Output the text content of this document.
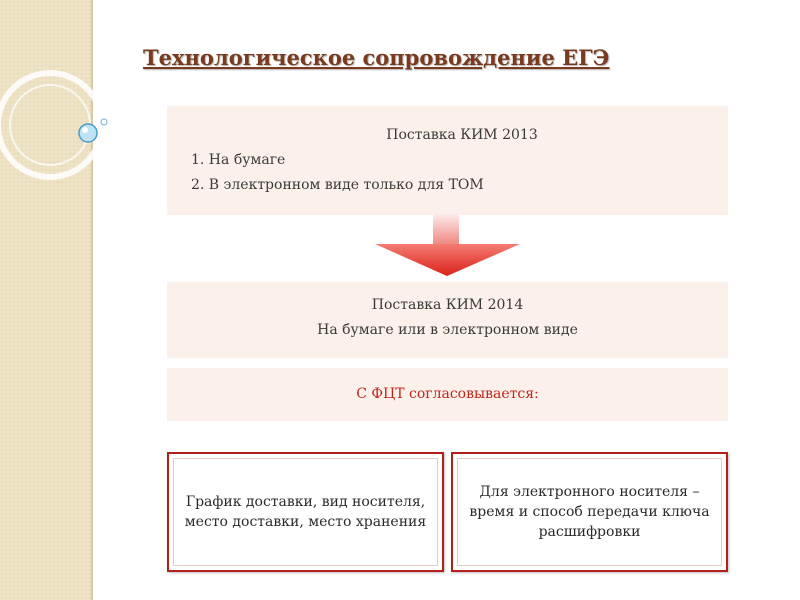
Технологическое сопровождение ЕГЭ
Поставка КИМ 2013
1. На бумаге
2. В электронном виде только для ТОМ
Поставка КИМ 2014
На бумаге или в электронном виде
С ФЦТ согласовывается:
График доставки, вид носителя, место доставки, место хранения
Для электронного носителя – время и способ передачи ключа расшифровки
